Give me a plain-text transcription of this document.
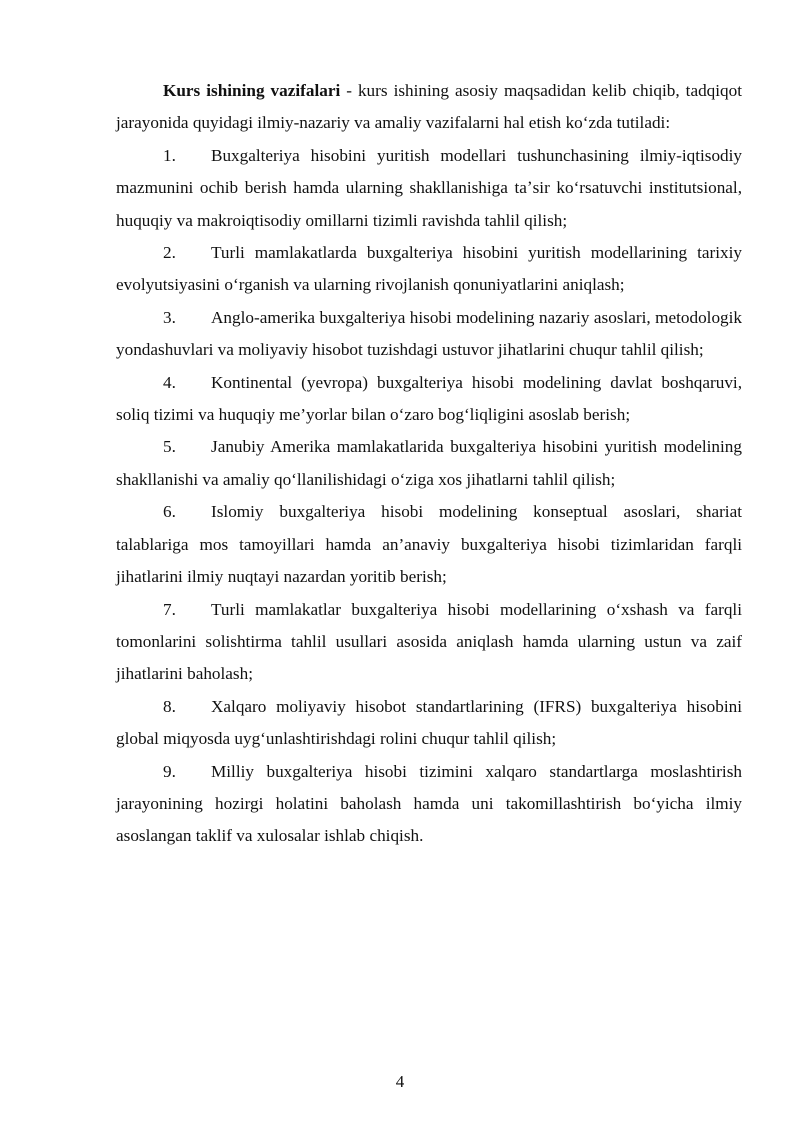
Kurs ishining vazifalari - kurs ishining asosiy maqsadidan kelib chiqib, tadqiqot jarayonida quyidagi ilmiy-nazariy va amaliy vazifalarni hal etish koʻzda tutiladi:

1. Buxgalteriya hisobini yuritish modellari tushunchasining ilmiy-iqtisodiy mazmunini ochib berish hamda ularning shakllanishiga taʼsir koʻrsatuvchi institutsional, huquqiy va makroiqtisodiy omillarni tizimli ravishda tahlil qilish;

2. Turli mamlakatlarda buxgalteriya hisobini yuritish modellarining tarixiy evolyutsiyasini oʻrganish va ularning rivojlanish qonuniyatlarini aniqlash;

3. Anglo-amerika buxgalteriya hisobi modelining nazariy asoslari, metodologik yondashuvlari va moliyaviy hisobot tuzishdagi ustuvor jihatlarini chuqur tahlil qilish;

4. Kontinental (yevropa) buxgalteriya hisobi modelining davlat boshqaruvi, soliq tizimi va huquqiy me’yorlar bilan oʻzaro bogʻliqligini asoslab berish;

5. Janubiy Amerika mamlakatlarida buxgalteriya hisobini yuritish modelining shakllanishi va amaliy qoʻllanilishidagi oʻziga xos jihatlarni tahlil qilish;

6. Islomiy buxgalteriya hisobi modelining konseptual asoslari, shariat talablariga mos tamoyillari hamda an’anaviy buxgalteriya hisobi tizimlaridan farqli jihatlarini ilmiy nuqtayi nazardan yoritib berish;

7. Turli mamlakatlar buxgalteriya hisobi modellarining oʻxshash va farqli tomonlarini solishtirma tahlil usullari asosida aniqlash hamda ularning ustun va zaif jihatlarini baholash;

8. Xalqaro moliyaviy hisobot standartlarining (IFRS) buxgalteriya hisobini global miqyosda uygʻunlashtirishdagi rolini chuqur tahlil qilish;

9. Milliy buxgalteriya hisobi tizimini xalqaro standartlarga moslashtirish jarayonining hozirgi holatini baholash hamda uni takomillashtirish boʻyicha ilmiy asoslangan taklif va xulosalar ishlab chiqish.

4
